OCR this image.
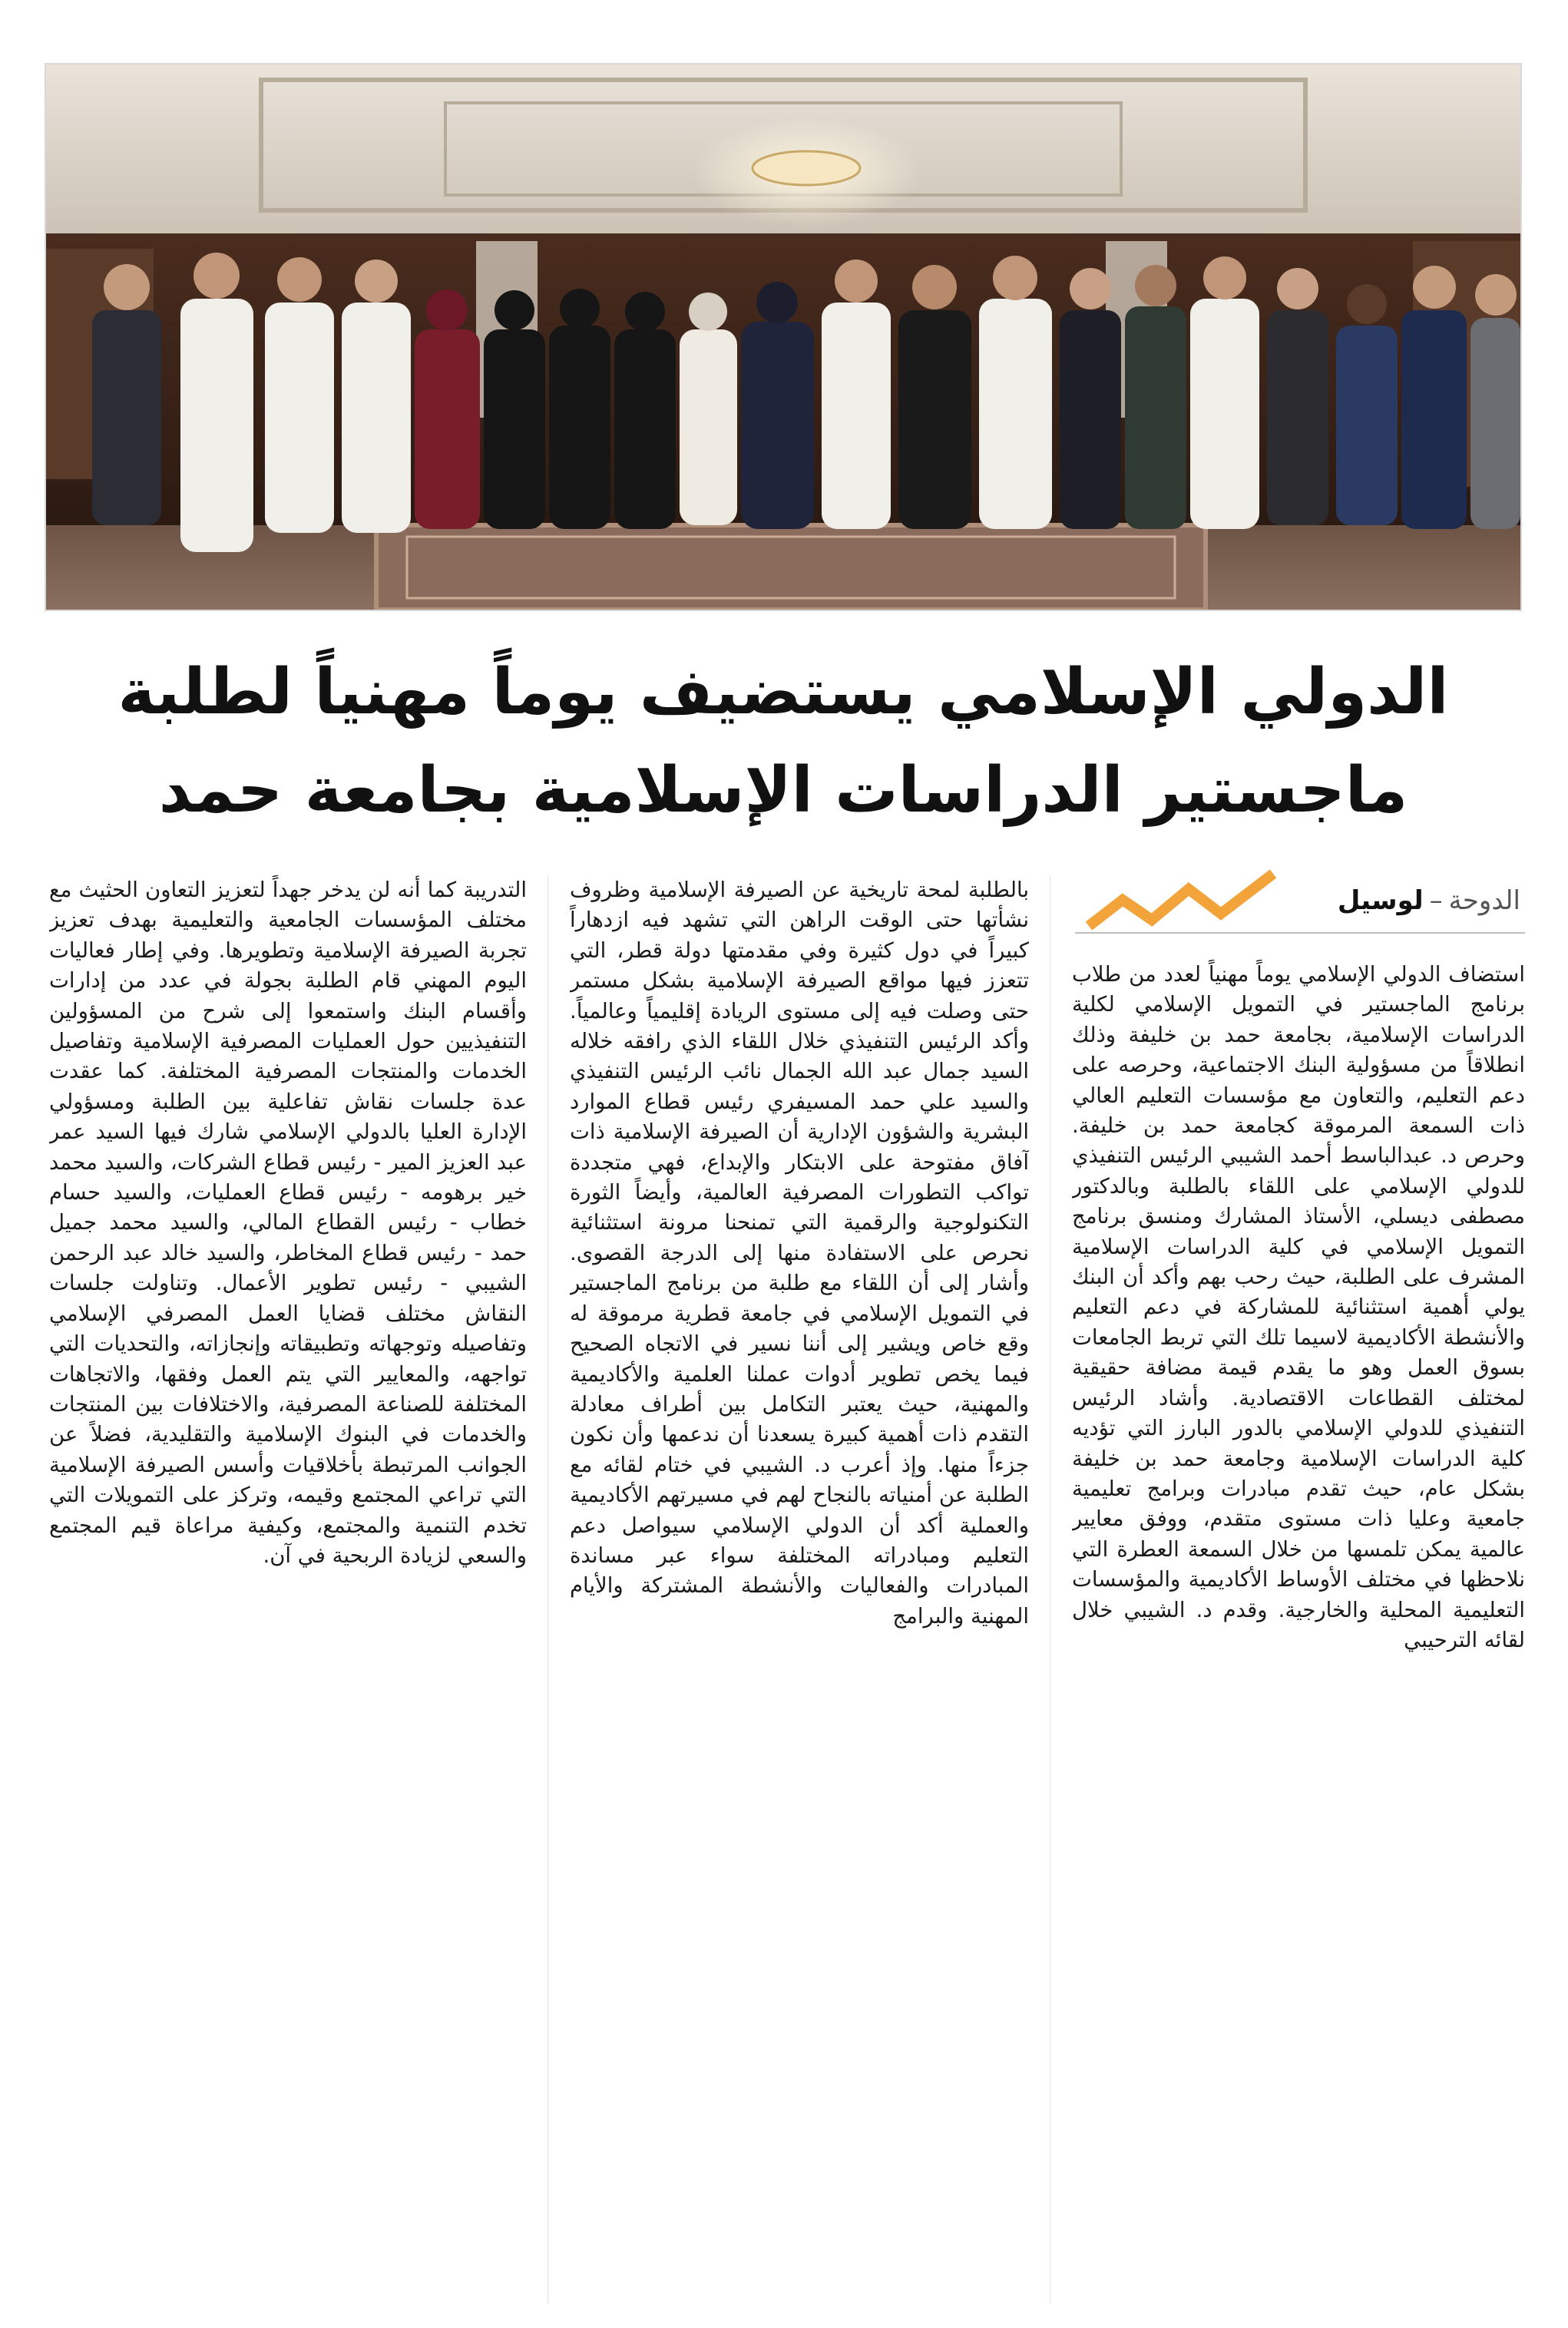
الدولي الإسلامي يستضيف يوماً مهنياً لطلبة
ماجستير الدراسات الإسلامية بجامعة حمد
الدوحة–لوسيل

استضاف الدولي الإسلامي يوماً مهنياً لعدد من طلاب برنامج الماجستير في التمويل الإسلامي لكلية الدراسات الإسلامية، بجامعة حمد بن خليفة وذلك انطلاقاً من مسؤولية البنك الاجتماعية، وحرصه على دعم التعليم، والتعاون مع مؤسسات التعليم العالي ذات السمعة المرموقة كجامعة حمد بن خليفة. وحرص د. عبدالباسط أحمد الشيبي الرئيس التنفيذي للدولي الإسلامي على اللقاء بالطلبة وبالدكتور مصطفى ديسلي، الأستاذ المشارك ومنسق برنامج التمويل الإسلامي في كلية الدراسات الإسلامية المشرف على الطلبة، حيث رحب بهم وأكد أن البنك يولي أهمية استثنائية للمشاركة في دعم التعليم والأنشطة الأكاديمية لاسيما تلك التي تربط الجامعات بسوق العمل وهو ما يقدم قيمة مضافة حقيقية لمختلف القطاعات الاقتصادية. وأشاد الرئيس التنفيذي للدولي الإسلامي بالدور البارز التي تؤديه كلية الدراسات الإسلامية وجامعة حمد بن خليفة بشكل عام، حيث تقدم مبادرات وبرامج تعليمية جامعية وعليا ذات مستوى متقدم، ووفق معايير عالمية يمكن تلمسها من خلال السمعة العطرة التي نلاحظها في مختلف الأوساط الأكاديمية والمؤسسات التعليمية المحلية والخارجية. وقدم د. الشيبي خلال لقائه الترحيبي

بالطلبة لمحة تاريخية عن الصيرفة الإسلامية وظروف نشأتها حتى الوقت الراهن التي تشهد فيه ازدهاراً كبيراً في دول كثيرة وفي مقدمتها دولة قطر، التي تتعزز فيها مواقع الصيرفة الإسلامية بشكل مستمر حتى وصلت فيه إلى مستوى الريادة إقليمياً وعالمياً. وأكد الرئيس التنفيذي خلال اللقاء الذي رافقه خلاله السيد جمال عبد الله الجمال نائب الرئيس التنفيذي والسيد علي حمد المسيفري رئيس قطاع الموارد البشرية والشؤون الإدارية أن الصيرفة الإسلامية ذات آفاق مفتوحة على الابتكار والإبداع، فهي متجددة تواكب التطورات المصرفية العالمية، وأيضاً الثورة التكنولوجية والرقمية التي تمنحنا مرونة استثنائية نحرص على الاستفادة منها إلى الدرجة القصوى. وأشار إلى أن اللقاء مع طلبة من برنامج الماجستير في التمويل الإسلامي في جامعة قطرية مرموقة له وقع خاص ويشير إلى أننا نسير في الاتجاه الصحيح فيما يخص تطوير أدوات عملنا العلمية والأكاديمية والمهنية، حيث يعتبر التكامل بين أطراف معادلة التقدم ذات أهمية كبيرة يسعدنا أن ندعمها وأن نكون جزءاً منها. وإذ أعرب د. الشيبي في ختام لقائه مع الطلبة عن أمنياته بالنجاح لهم في مسيرتهم الأكاديمية والعملية أكد أن الدولي الإسلامي سيواصل دعم التعليم ومبادراته المختلفة سواء عبر مساندة المبادرات والفعاليات والأنشطة المشتركة والأيام المهنية والبرامج

التدريبة كما أنه لن يدخر جهداً لتعزيز التعاون الحثيث مع مختلف المؤسسات الجامعية والتعليمية بهدف تعزيز تجربة الصيرفة الإسلامية وتطويرها. وفي إطار فعاليات اليوم المهني قام الطلبة بجولة في عدد من إدارات وأقسام البنك واستمعوا إلى شرح من المسؤولين التنفيذيين حول العمليات المصرفية الإسلامية وتفاصيل الخدمات والمنتجات المصرفية المختلفة. كما عقدت عدة جلسات نقاش تفاعلية بين الطلبة ومسؤولي الإدارة العليا بالدولي الإسلامي شارك فيها السيد عمر عبد العزيز المير - رئيس قطاع الشركات، والسيد محمد خير برهومه - رئيس قطاع العمليات، والسيد حسام خطاب - رئيس القطاع المالي، والسيد محمد جميل حمد - رئيس قطاع المخاطر، والسيد خالد عبد الرحمن الشيبي - رئيس تطوير الأعمال. وتناولت جلسات النقاش مختلف قضايا العمل المصرفي الإسلامي وتفاصيله وتوجهاته وتطبيقاته وإنجازاته، والتحديات التي تواجهه، والمعايير التي يتم العمل وفقها، والاتجاهات المختلفة للصناعة المصرفية، والاختلافات بين المنتجات والخدمات في البنوك الإسلامية والتقليدية، فضلاً عن الجوانب المرتبطة بأخلاقيات وأسس الصيرفة الإسلامية التي تراعي المجتمع وقيمه، وتركز على التمويلات التي تخدم التنمية والمجتمع، وكيفية مراعاة قيم المجتمع والسعي لزيادة الربحية في آن.
